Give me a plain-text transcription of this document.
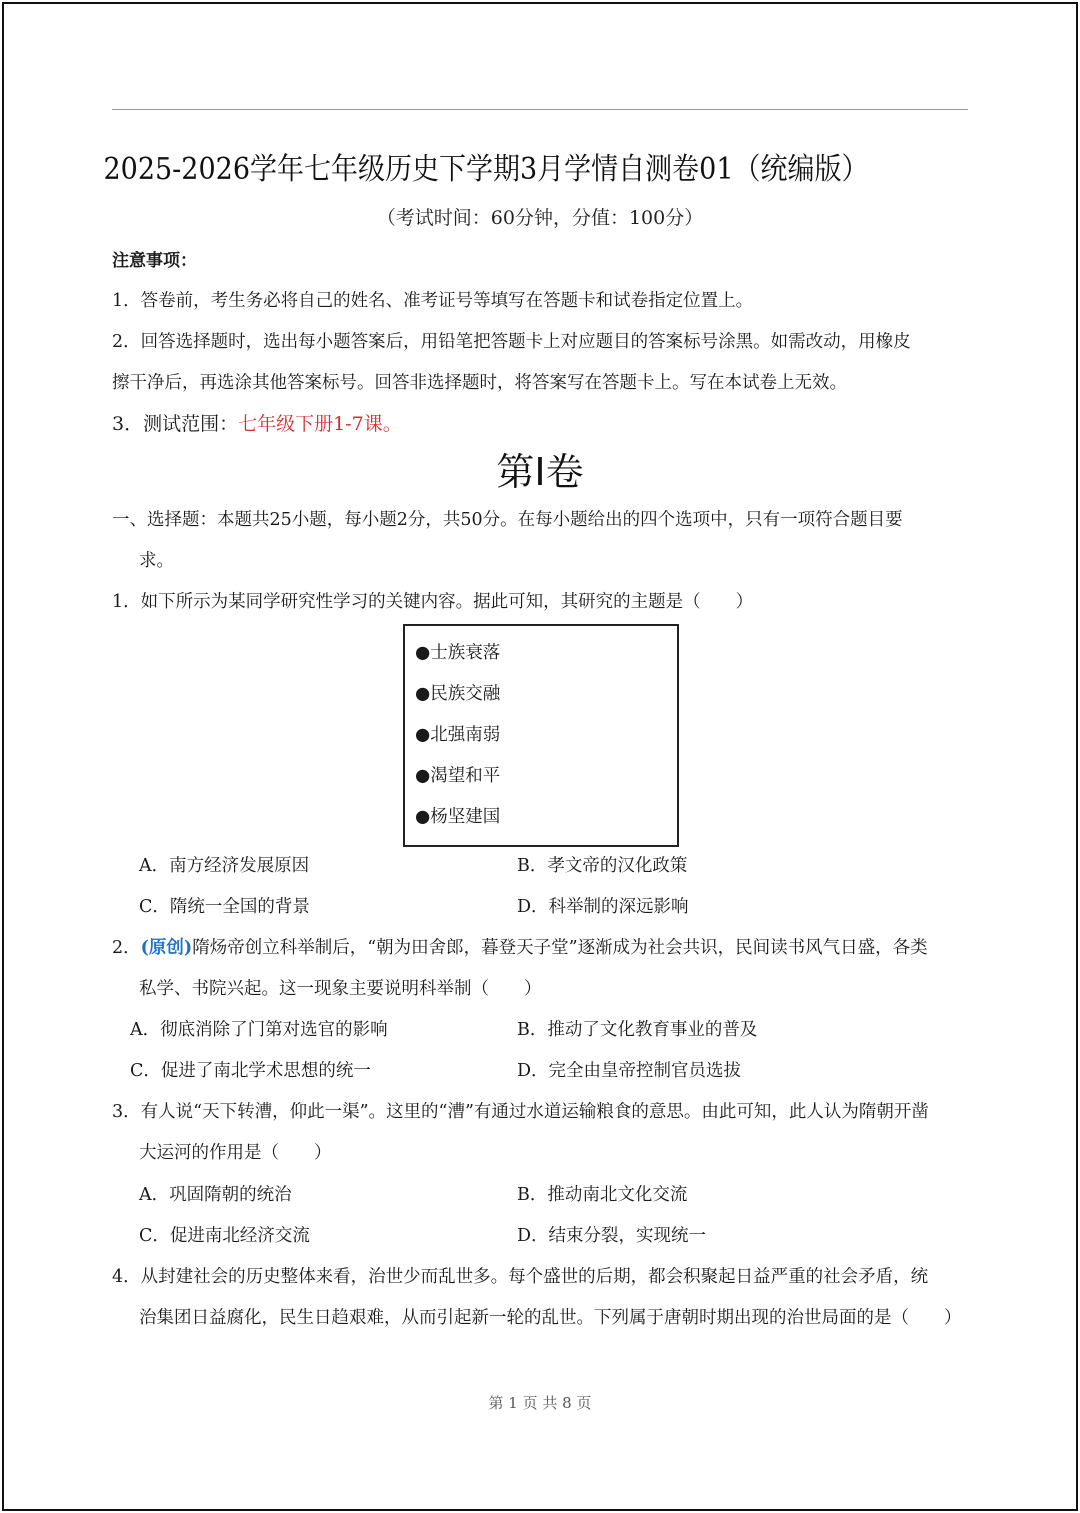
2025-2026学年七年级历史下学期3月学情自测卷01（统编版）
（考试时间：60分钟，分值：100分）
注意事项：
1．答卷前，考生务必将自己的姓名、准考证号等填写在答题卡和试卷指定位置上。
2．回答选择题时，选出每小题答案后，用铅笔把答题卡上对应题目的答案标号涂黑。如需改动，用橡皮
擦干净后，再选涂其他答案标号。回答非选择题时，将答案写在答题卡上。写在本试卷上无效。
3．测试范围：七年级下册1-7课。
第Ⅰ卷
一、选择题：本题共25小题，每小题2分，共50分。在每小题给出的四个选项中，只有一项符合题目要
求。
1．如下所示为某同学研究性学习的关键内容。据此可知，其研究的主题是（　　）
●士族衰落
●民族交融
●北强南弱
●渴望和平
●杨坚建国
A．南方经济发展原因	B．孝文帝的汉化政策
C．隋统一全国的背景	D．科举制的深远影响
2．(原创)隋炀帝创立科举制后，“朝为田舍郎，暮登天子堂”逐渐成为社会共识，民间读书风气日盛，各类
私学、书院兴起。这一现象主要说明科举制（　　）
A．彻底消除了门第对选官的影响	B．推动了文化教育事业的普及
C．促进了南北学术思想的统一	D．完全由皇帝控制官员选拔
3．有人说“天下转漕，仰此一渠”。这里的“漕”有通过水道运输粮食的意思。由此可知，此人认为隋朝开凿
大运河的作用是（　　）
A．巩固隋朝的统治	B．推动南北文化交流
C．促进南北经济交流	D．结束分裂，实现统一
4．从封建社会的历史整体来看，治世少而乱世多。每个盛世的后期，都会积聚起日益严重的社会矛盾，统
治集团日益腐化，民生日趋艰难，从而引起新一轮的乱世。下列属于唐朝时期出现的治世局面的是（　　）
第 1 页 共 8 页
